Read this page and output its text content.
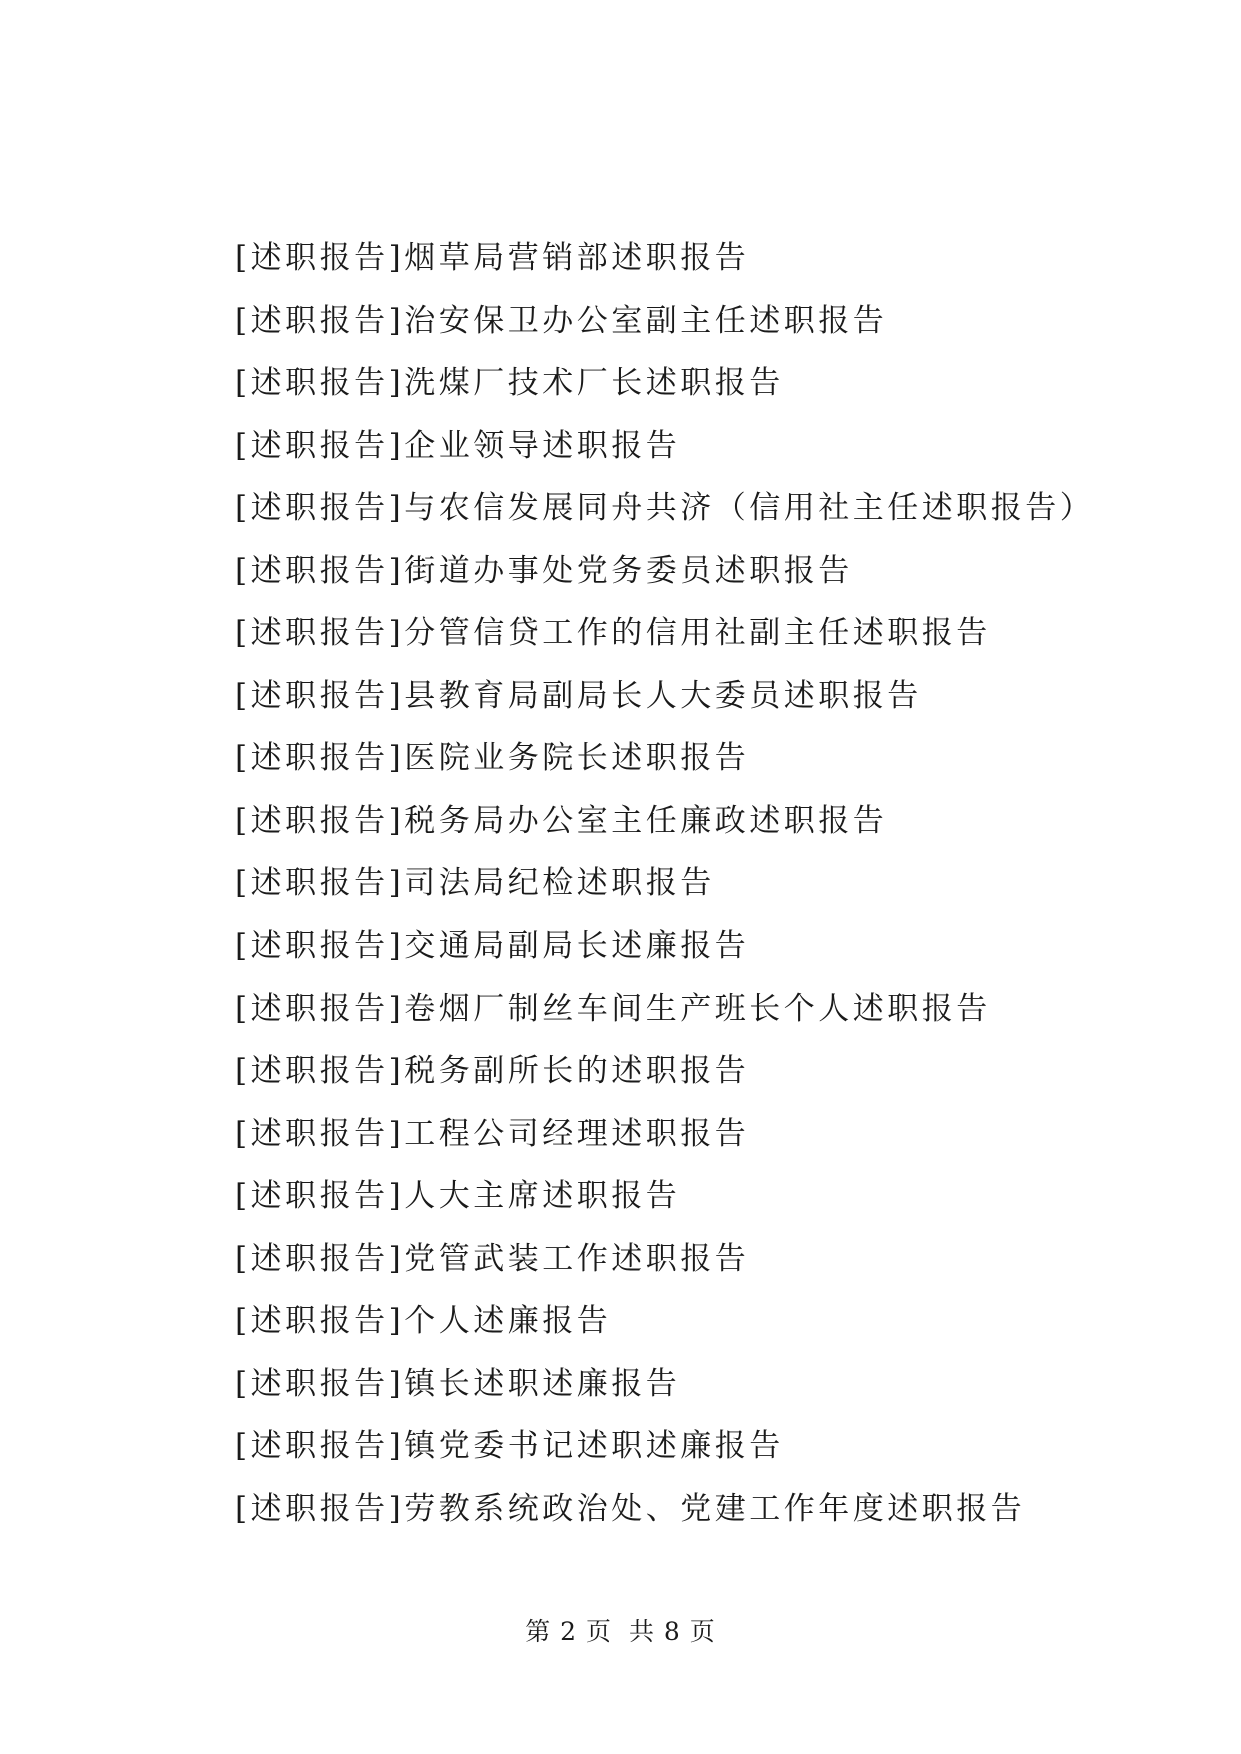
[述职报告] 烟草局营销部述职报告
[述职报告] 治安保卫办公室副主任述职报告
[述职报告] 洗煤厂技术厂长述职报告
[述职报告] 企业领导述职报告
[述职报告] 与农信发展同舟共济（信用社主任述职报告）
[述职报告] 街道办事处党务委员述职报告
[述职报告] 分管信贷工作的信用社副主任述职报告
[述职报告] 县教育局副局长人大委员述职报告
[述职报告] 医院业务院长述职报告
[述职报告] 税务局办公室主任廉政述职报告
[述职报告] 司法局纪检述职报告
[述职报告] 交通局副局长述廉报告
[述职报告] 卷烟厂制丝车间生产班长个人述职报告
[述职报告] 税务副所长的述职报告
[述职报告] 工程公司经理述职报告
[述职报告] 人大主席述职报告
[述职报告] 党管武装工作述职报告
[述职报告] 个人述廉报告
[述职报告] 镇长述职述廉报告
[述职报告] 镇党委书记述职述廉报告
[述职报告] 劳教系统政治处、党建工作年度述职报告
第 2 页 共 8 页
